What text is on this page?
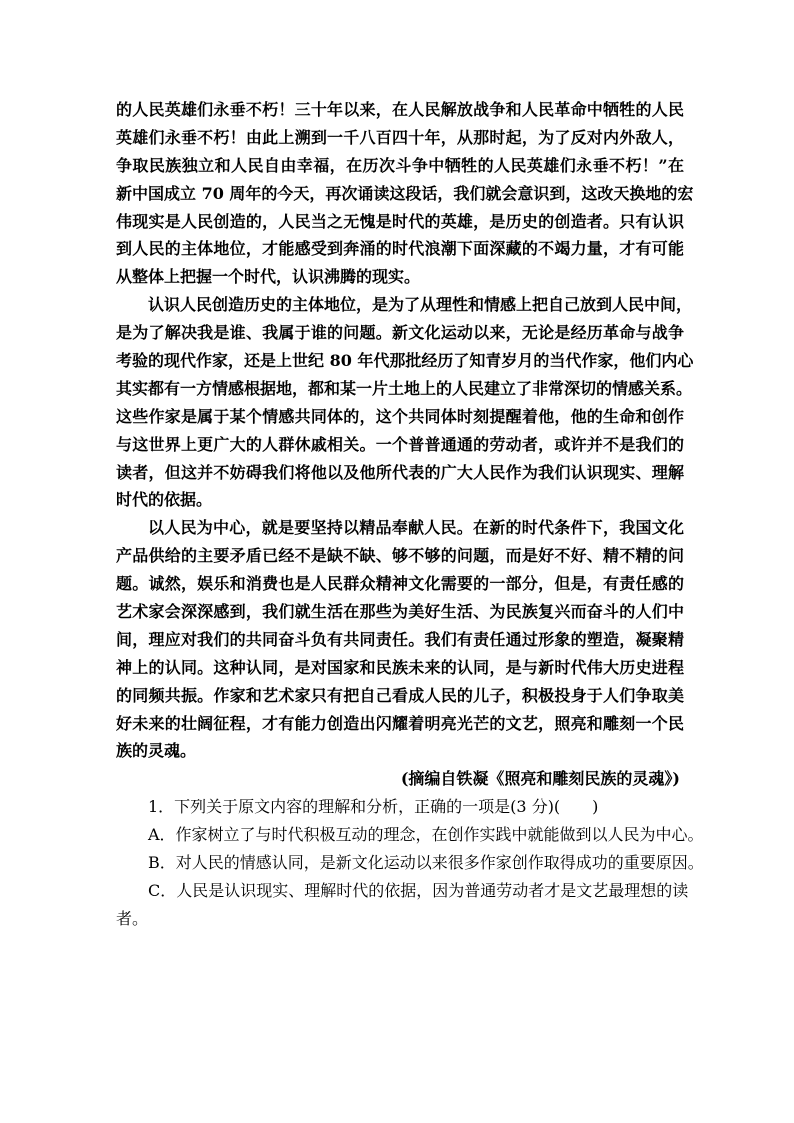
的人民英雄们永垂不朽！三十年以来，在人民解放战争和人民革命中牺牲的人民
英雄们永垂不朽！由此上溯到一千八百四十年，从那时起，为了反对内外敌人，
争取民族独立和人民自由幸福，在历次斗争中牺牲的人民英雄们永垂不朽！”在
新中国成立 70 周年的今天，再次诵读这段话，我们就会意识到，这改天换地的宏
伟现实是人民创造的，人民当之无愧是时代的英雄，是历史的创造者。只有认识
到人民的主体地位，才能感受到奔涌的时代浪潮下面深藏的不竭力量，才有可能
从整体上把握一个时代，认识沸腾的现实。
认识人民创造历史的主体地位，是为了从理性和情感上把自己放到人民中间，
是为了解决我是谁、我属于谁的问题。新文化运动以来，无论是经历革命与战争
考验的现代作家，还是上世纪 80 年代那批经历了知青岁月的当代作家，他们内心
其实都有一方情感根据地，都和某一片土地上的人民建立了非常深切的情感关系。
这些作家是属于某个情感共同体的，这个共同体时刻提醒着他，他的生命和创作
与这世界上更广大的人群休戚相关。一个普普通通的劳动者，或许并不是我们的
读者，但这并不妨碍我们将他以及他所代表的广大人民作为我们认识现实、理解
时代的依据。
以人民为中心，就是要坚持以精品奉献人民。在新的时代条件下，我国文化
产品供给的主要矛盾已经不是缺不缺、够不够的问题，而是好不好、精不精的问
题。诚然，娱乐和消费也是人民群众精神文化需要的一部分，但是，有责任感的
艺术家会深深感到，我们就生活在那些为美好生活、为民族复兴而奋斗的人们中
间，理应对我们的共同奋斗负有共同责任。我们有责任通过形象的塑造，凝聚精
神上的认同。这种认同，是对国家和民族未来的认同，是与新时代伟大历史进程
的同频共振。作家和艺术家只有把自己看成人民的儿子，积极投身于人们争取美
好未来的壮阔征程，才有能力创造出闪耀着明亮光芒的文艺，照亮和雕刻一个民
族的灵魂。
(摘编自铁凝《照亮和雕刻民族的灵魂》)
1．下列关于原文内容的理解和分析，正确的一项是(3 分)(　　)
A．作家树立了与时代积极互动的理念，在创作实践中就能做到以人民为中心。
B．对人民的情感认同，是新文化运动以来很多作家创作取得成功的重要原因。
C．人民是认识现实、理解时代的依据，因为普通劳动者才是文艺最理想的读
者。
